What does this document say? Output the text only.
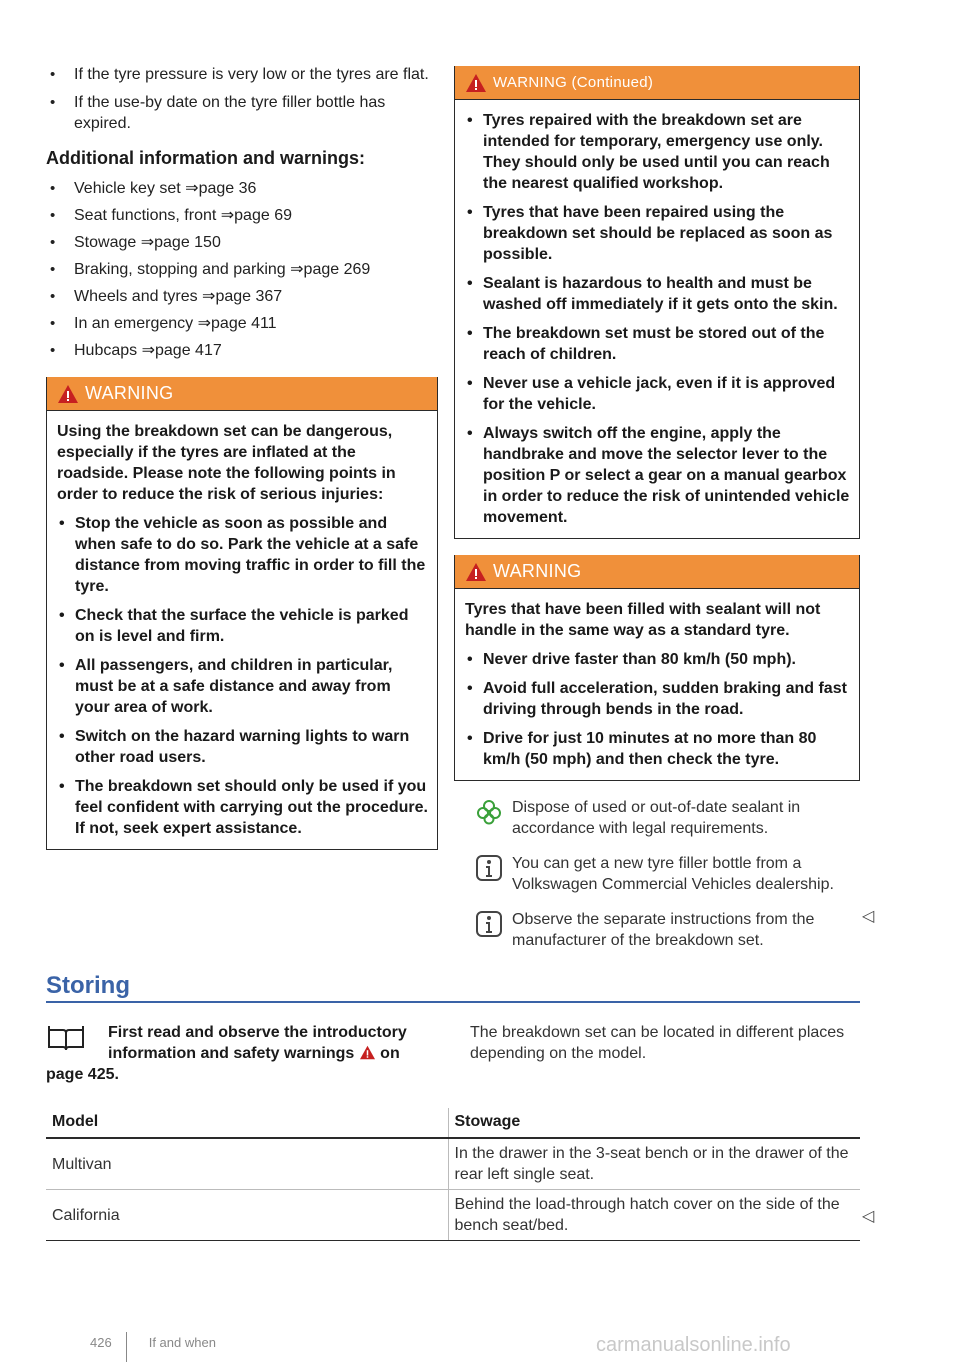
• If the tyre pressure is very low or the tyres are flat.
• If the use-by date on the tyre filler bottle has expired.
Additional information and warnings:
• Vehicle key set ⇒page 36
• Seat functions, front ⇒page 69
• Stowage ⇒page 150
• Braking, stopping and parking ⇒page 269
• Wheels and tyres ⇒page 367
• In an emergency ⇒page 411
• Hubcaps ⇒page 417
WARNING

Using the breakdown set can be dangerous, especially if the tyres are inflated at the roadside. Please note the following points in order to reduce the risk of serious injuries:

• Stop the vehicle as soon as possible and when safe to do so. Park the vehicle at a safe distance from moving traffic in order to fill the tyre.
• Check that the surface the vehicle is parked on is level and firm.
• All passengers, and children in particular, must be at a safe distance and away from your area of work.
• Switch on the hazard warning lights to warn other road users.
• The breakdown set should only be used if you feel confident with carrying out the procedure. If not, seek expert assistance.
WARNING (Continued)
• Tyres repaired with the breakdown set are intended for temporary, emergency use only. They should only be used until you can reach the nearest qualified workshop.
• Tyres that have been repaired using the breakdown set should be replaced as soon as possible.
• Sealant is hazardous to health and must be washed off immediately if it gets onto the skin.
• The breakdown set must be stored out of the reach of children.
• Never use a vehicle jack, even if it is approved for the vehicle.
• Always switch off the engine, apply the handbrake and move the selector lever to the position P or select a gear on a manual gearbox in order to reduce the risk of unintended vehicle movement.
WARNING

Tyres that have been filled with sealant will not handle in the same way as a standard tyre.

• Never drive faster than 80 km/h (50 mph).
• Avoid full acceleration, sudden braking and fast driving through bends in the road.
• Drive for just 10 minutes at no more than 80 km/h (50 mph) and then check the tyre.
Dispose of used or out-of-date sealant in accordance with legal requirements.
You can get a new tyre filler bottle from a Volkswagen Commercial Vehicles dealership.
Observe the separate instructions from the manufacturer of the breakdown set.
◁
Storing
First read and observe the introductory
information and safety warnings on
page 425.
The breakdown set can be located in different places depending on the model.
Model	Stowage
Multivan	In the drawer in the 3-seat bench or in the drawer of the rear left single seat.
California	Behind the load-through hatch cover on the side of the bench seat/bed.
◁
426	If and when	carmanualsonline.info
